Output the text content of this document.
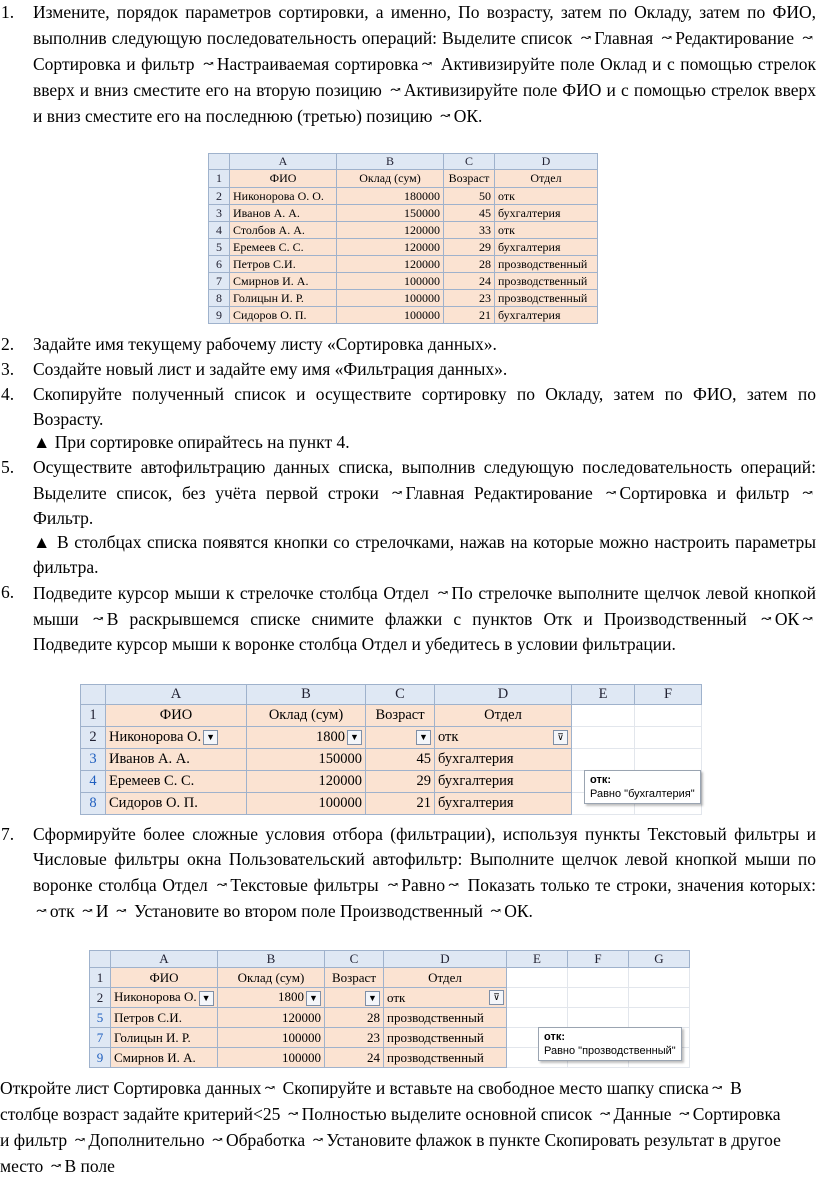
1. Измените, порядок параметров сортировки, а именно, По возрасту, затем по Окладу, затем по ФИО, выполнив следующую последовательность операций: Выделите список ↝ Главная ↝ Редактирование ↝Сортировка и фильтр ↝ Настраиваемая сортировка ↝ Активизируйте поле Оклад и с помощью стрелок вверх и вниз сместите его на вторую позицию ↝ Активизируйте поле ФИО и с помощью стрелок вверх и вниз сместите его на последнюю (третью) позицию ↝ ОК.
	A	B	C	D
1	ФИО	Оклад (сум)	Возраст	Отдел
2	Никонорова О. О.	180000	50	отк
3	Иванов А. А.	150000	45	бухгалтерия
4	Столбов А. А.	120000	33	отк
5	Еремеев С. С.	120000	29	бухгалтерия
6	Петров С.И.	120000	28	прозводственный
7	Смирнов И. А.	100000	24	прозводственный
8	Голицын И. Р.	100000	23	прозводственный
9	Сидоров О. П.	100000	21	бухгалтерия
2. Задайте имя текущему рабочему листу «Сортировка данных».
3. Создайте новый лист и задайте ему имя «Фильтрация данных».
4. Скопируйте полученный список и осуществите сортировку по Окладу, затем по ФИО, затем по Возрасту.
▲ При сортировке опирайтесь на пункт 4.
5. Осуществите автофильтрацию данных списка, выполнив следующую последовательность операций: Выделите список, без учёта первой строки ↝ Главная Редактирование ↝ Сортировка и фильтр ↝Фильтр.
▲ В столбцах списка появятся кнопки со стрелочками, нажав на которые можно настроить параметры фильтра.
6. Подведите курсор мыши к стрелочке столбца Отдел ↝ По стрелочке выполните щелчок левой кнопкой мыши ↝ В раскрывшемся списке снимите флажки с пунктов Отк и Производственный ↝ ОК ↝ Подведите курсор мыши к воронке столбца Отдел и убедитесь в условии фильтрации.
	A	B	C	D	E	F
1	ФИО	Оклад (сум)	Возраст	Отдел		
2	Никонорова О. ▼	1800 ▼	▼	отк ⊽		

3	Иванов А. А.	150000	45	бухгалтерия		
4	Еремеев С. С.	120000	29	бухгалтерия		
8	Сидоров О. П.	100000	21	бухгалтерия		
отк:
Равно "бухгалтерия"
7. Сформируйте более сложные условия отбора (фильтрации), используя пункты Текстовый фильтры и Числовые фильтры окна Пользовательский автофильтр: Выполните щелчок левой кнопкой мыши по воронке столбца Отдел ↝ Текстовые фильтры ↝ Равно ↝ Показать только те строки, значения которых: ↝ отк ↝ И ↝ Установите во втором поле Производственный ↝ ОК.
	A	B	C	D	E	F	G
1	ФИО	Оклад (сум)	Возраст	Отдел			
2	Никонорова О. ▼	1800 ▼	▼	отк ⊽			

5	Петров С.И.	120000	28	прозводственный			
7	Голицын И. Р.	100000	23	прозводственный			
9	Смирнов И. А.	100000	24	прозводственный			
отк:
Равно "прозводственный"

Откройте лист Сортировка данных ↝ Скопируйте и вставьте на свободное место шапку списка ↝ В столбце возраст задайте критерий<25 ↝ Полностью выделите основной список ↝ Данные ↝ Сортировка и фильтр ↝ Дополнительно ↝ Обработка ↝ Установите флажок в пункте Скопировать результат в другое место ↝ В поле
